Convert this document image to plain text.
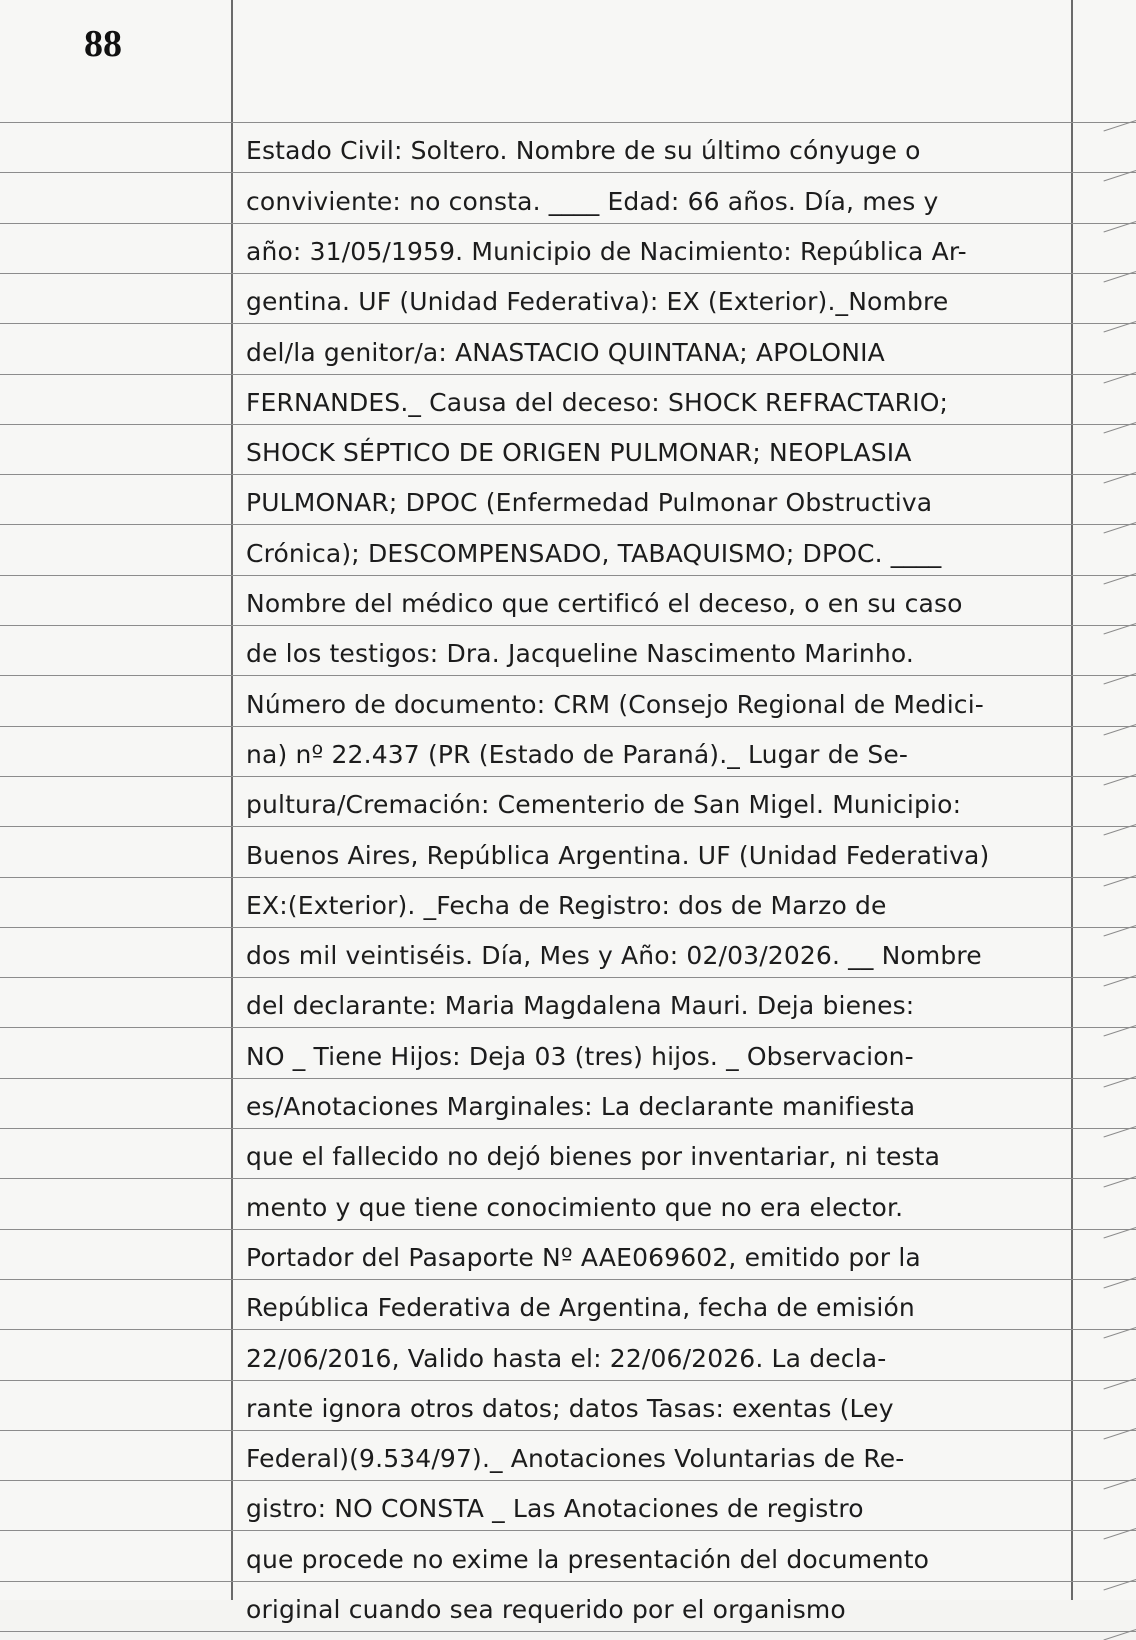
88
Estado Civil: Soltero. Nombre de su último cónyuge o
conviviente: no consta. ____ Edad: 66 años. Día, mes y
año: 31/05/1959. Municipio de Nacimiento: República Ar-
gentina. UF (Unidad Federativa): EX (Exterior)._Nombre
del/la genitor/a: ANASTACIO QUINTANA; APOLONIA
FERNANDES._ Causa del deceso: SHOCK REFRACTARIO;
SHOCK SÉPTICO DE ORIGEN PULMONAR; NEOPLASIA
PULMONAR; DPOC (Enfermedad Pulmonar Obstructiva
Crónica); DESCOMPENSADO, TABAQUISMO; DPOC. ____
Nombre del médico que certificó el deceso, o en su caso
de los testigos: Dra. Jacqueline Nascimento Marinho.
Número de documento: CRM (Consejo Regional de Medici-
na) nº 22.437 (PR (Estado de Paraná)._ Lugar de Se-
pultura/Cremación: Cementerio de San Migel. Municipio:
Buenos Aires, República Argentina. UF (Unidad Federativa)
EX:(Exterior). _Fecha de Registro: dos de Marzo de
dos mil veintiséis. Día, Mes y Año: 02/03/2026. __ Nombre
del declarante: Maria Magdalena Mauri. Deja bienes:
NO _ Tiene Hijos: Deja 03 (tres) hijos. _ Observacion-
es/Anotaciones Marginales: La declarante manifiesta
que el fallecido no dejó bienes por inventariar, ni testa
mento y que tiene conocimiento que no era elector.
Portador del Pasaporte Nº AAE069602, emitido por la
República Federativa de Argentina, fecha de emisión
22/06/2016, Valido hasta el: 22/06/2026. La decla-
rante ignora otros datos; datos Tasas: exentas (Ley
Federal)(9.534/97)._ Anotaciones Voluntarias de Re-
gistro: NO CONSTA _ Las Anotaciones de registro
que procede no exime la presentación del documento
original cuando sea requerido por el organismo
